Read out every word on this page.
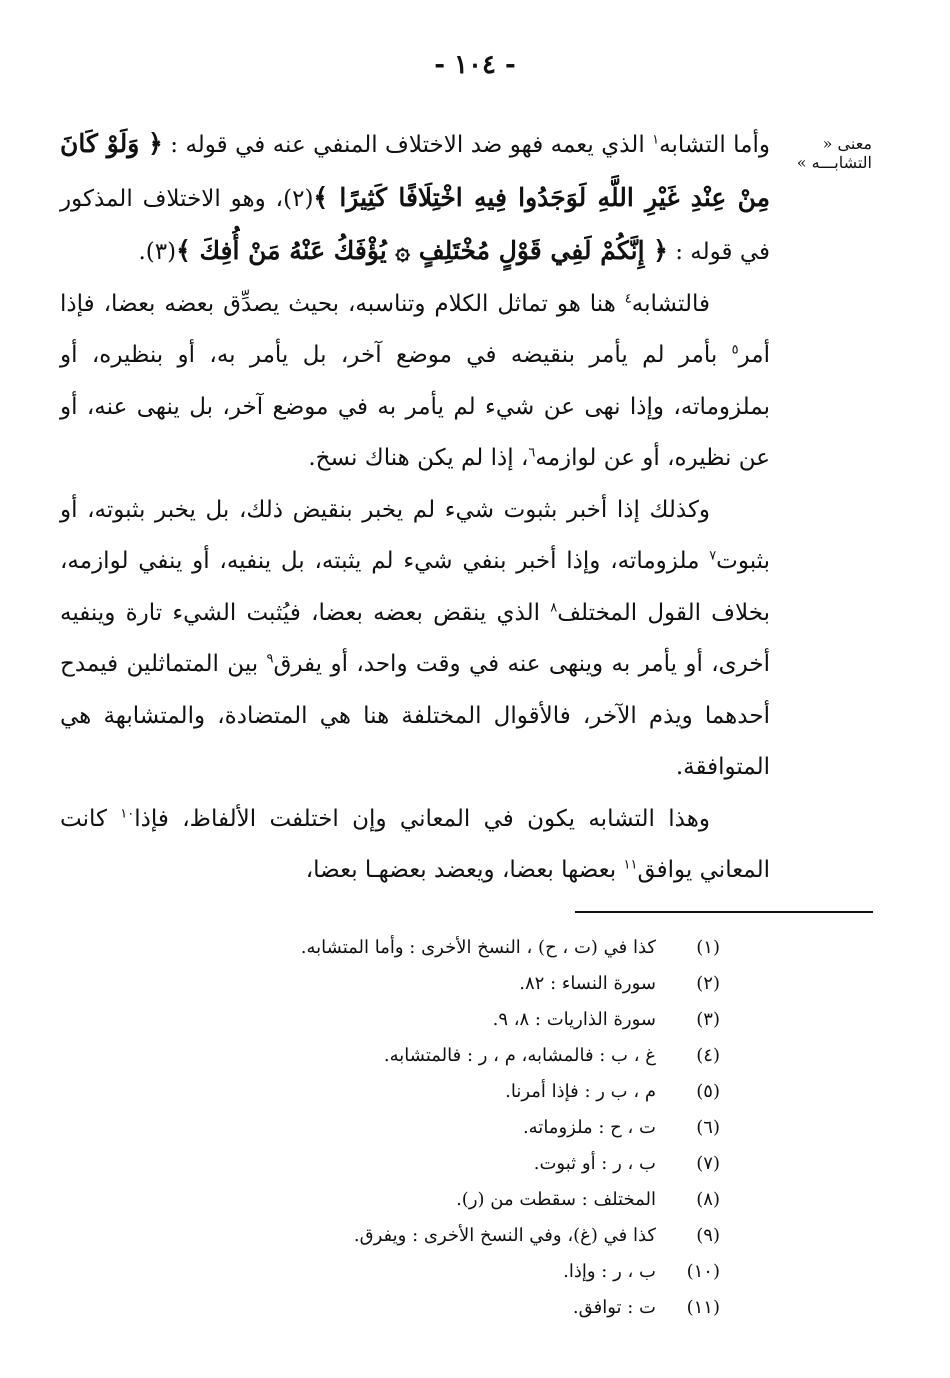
- ١٠٤ -
معنى « التشابـــه »

وأما التشابه$^١$ الذي يعمه فهو ضد الاختلاف المنفي عنه في قوله : ﴿ وَلَوْ كَانَ مِنْ عِنْدِ غَيْرِ اللَّهِ لَوَجَدُوا فِيهِ اخْتِلَافًا كَثِيرًا ﴾(٢)، وهو الاختلاف المذكور في قوله : ﴿ إِنَّكُمْ لَفِي قَوْلٍ مُخْتَلِفٍ ۞ يُؤْفَكُ عَنْهُ مَنْ أُفِكَ ﴾(٣).

فالتشابه$^٤$ هنا هو تماثل الكلام وتناسبه، بحيث يصدِّق بعضه بعضا، فإذا أمر$^٥$ بأمر لم يأمر بنقيضه في موضع آخر، بل يأمر به، أو بنظيره، أو بملزوماته، وإذا نهى عن شيء لم يأمر به في موضع آخر، بل ينهى عنه، أو عن نظيره، أو عن لوازمه$^٦$، إذا لم يكن هناك نسخ.

وكذلك إذا أخبر بثبوت شيء لم يخبر بنقيض ذلك، بل يخبر بثبوته، أو بثبوت$^٧$ ملزوماته، وإذا أخبر بنفي شيء لم يثبته، بل ينفيه، أو ينفي لوازمه، بخلاف القول المختلف$^٨$ الذي ينقض بعضه بعضا، فيُثبت الشيء تارة وينفيه أخرى، أو يأمر به وينهى عنه في وقت واحد، أو يفرق$^٩$ بين المتماثلين فيمدح أحدهما ويذم الآخر، فالأقوال المختلفة هنا هي المتضادة، والمتشابهة هي المتوافقة.

وهذا التشابه يكون في المعاني وإن اختلفت الألفاظ، فإذا$^{١٠}$ كانت المعاني يوافق$^{١١}$ بعضها بعضا، ويعضد بعضهـا بعضا،

(١)
كذا في (ت ، ح) ، النسخ الأخرى : وأما المتشابه.
(٢)
سورة النساء : ٨٢.
(٣)
سورة الذاريات : ٨، ٩.
(٤)
غ ، ب : فالمشابه، م ، ر : فالمتشابه.
(٥)
م ، ب ر : فإذا أمرنا.
(٦)
ت ، ح : ملزوماته.
(٧)
ب ، ر : أو ثبوت.
(٨)
المختلف : سقطت من (ر).
(٩)
كذا في (غ)، وفي النسخ الأخرى : ويفرق.
(١٠)
ب ، ر : وإذا.
(١١)
ت : توافق.
